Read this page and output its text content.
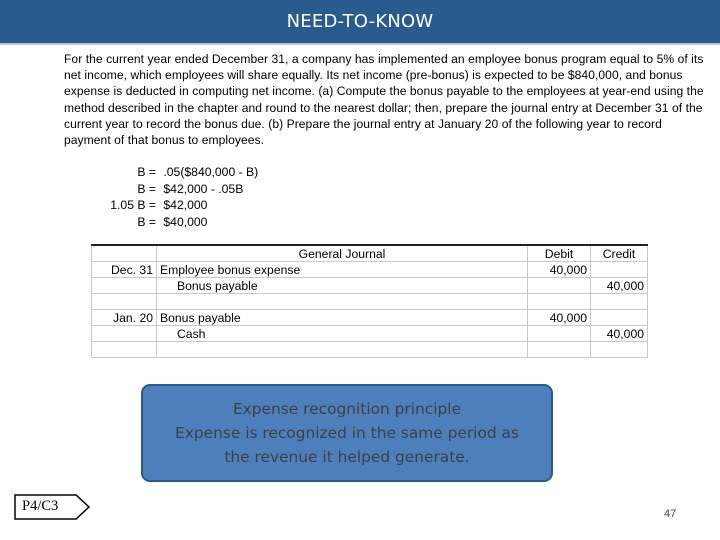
NEED-TO-KNOW
For the current year ended December 31, a company has implemented an employee bonus program equal to 5% of its net income, which employees will share equally. Its net income (pre-bonus) is expected to be $840,000, and bonus expense is deducted in computing net income. (a) Compute the bonus payable to the employees at year-end using the method described in the chapter and round to the nearest dollar; then, prepare the journal entry at December 31 of the current year to record the bonus due. (b) Prepare the journal entry at January 20 of the following year to record payment of that bonus to employees.
B = .05($840,000 - B)
B = $42,000 - .05B
1.05 B = $42,000
B = $40,000

	General Journal	Debit	Credit
Dec. 31	Employee bonus expense	40,000	
	Bonus payable		40,000

Jan. 20	Bonus payable	40,000	
	Cash		40,000

Expense recognition principle
Expense is recognized in the same period as
the revenue it helped generate.
P4/C3	47
